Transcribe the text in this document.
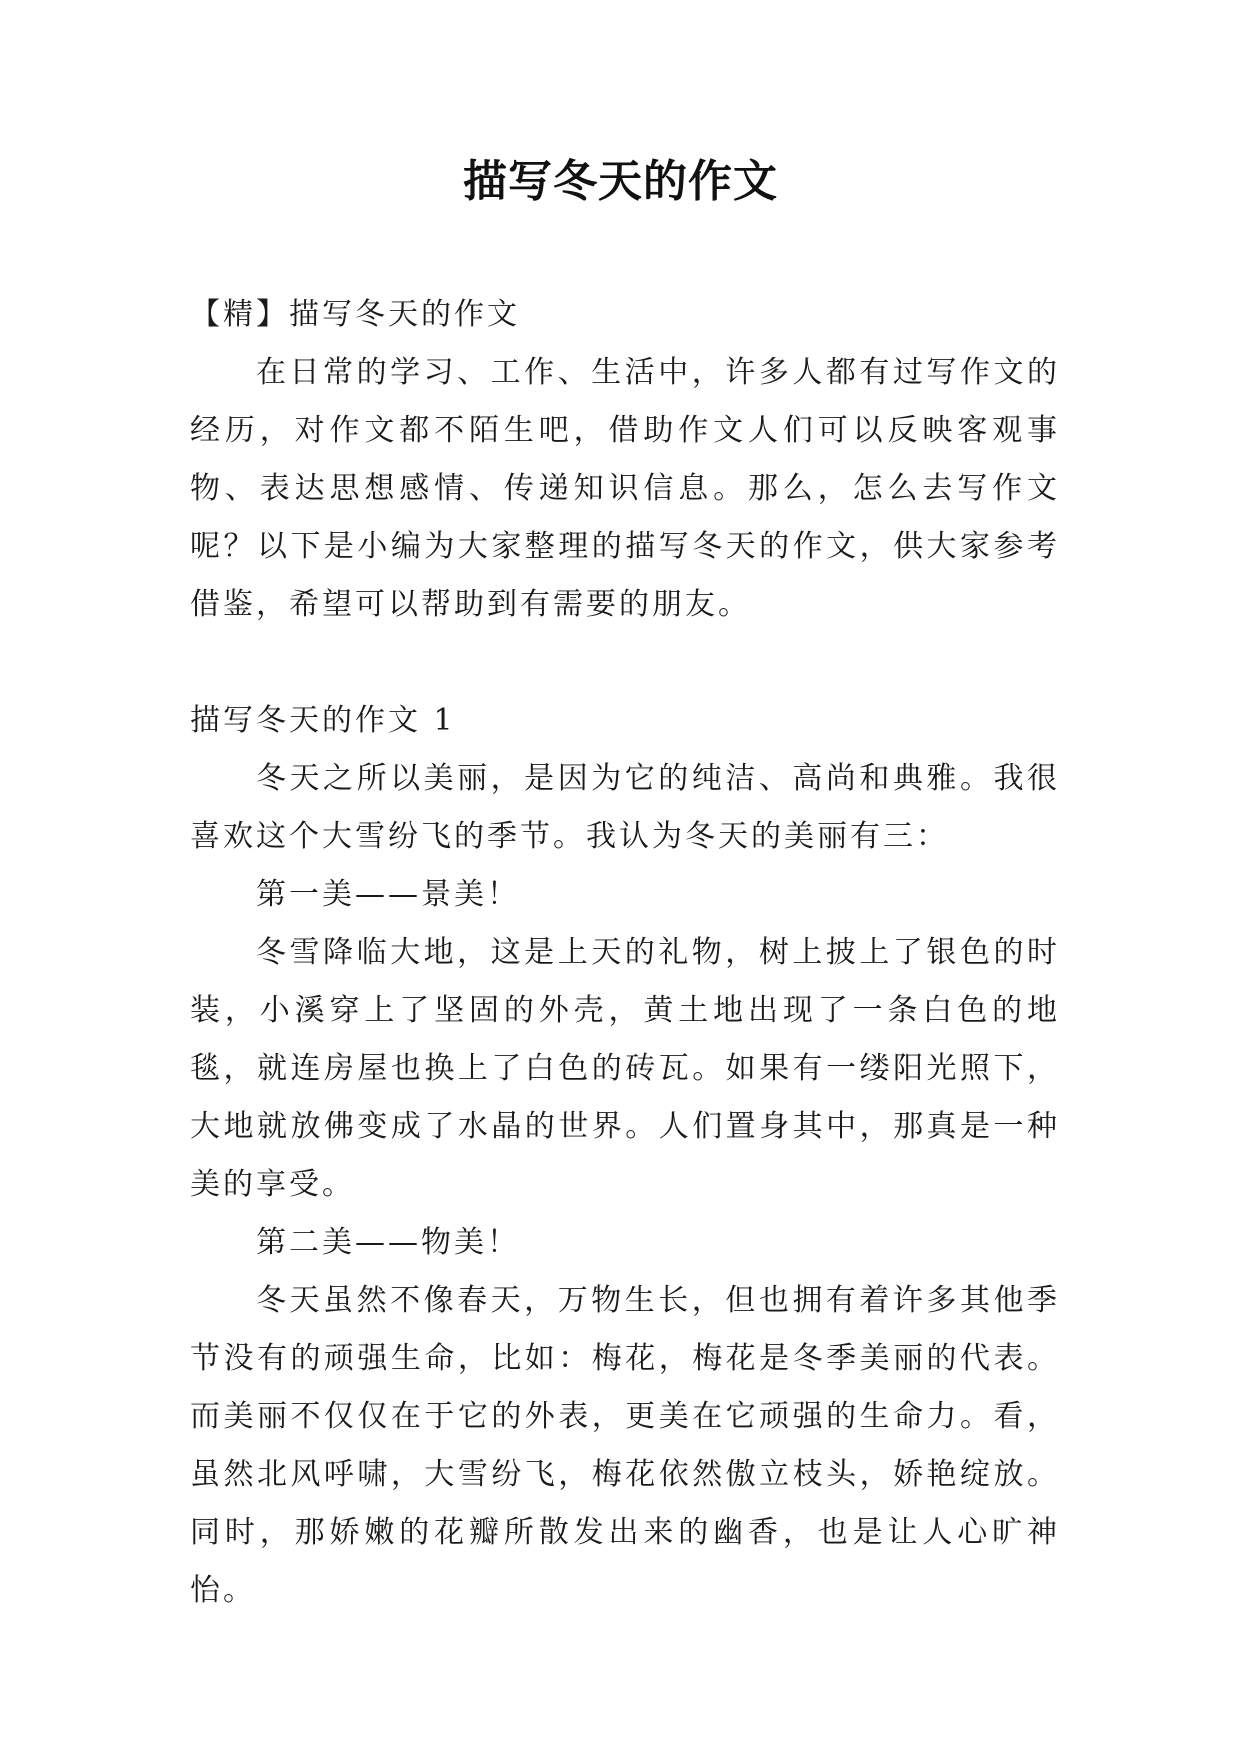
描写冬天的作文

【精】描写冬天的作文

在日常的学习、工作、生活中，许多人都有过写作文的经历，对作文都不陌生吧，借助作文人们可以反映客观事物、表达思想感情、传递知识信息。那么，怎么去写作文呢？以下是小编为大家整理的描写冬天的作文，供大家参考借鉴，希望可以帮助到有需要的朋友。

描写冬天的作文 1

冬天之所以美丽，是因为它的纯洁、高尚和典雅。我很喜欢这个大雪纷飞的季节。我认为冬天的美丽有三：

第一美——景美！

冬雪降临大地，这是上天的礼物，树上披上了银色的时装，小溪穿上了坚固的外壳，黄土地出现了一条白色的地毯，就连房屋也换上了白色的砖瓦。如果有一缕阳光照下，大地就放佛变成了水晶的世界。人们置身其中，那真是一种美的享受。

第二美——物美！

冬天虽然不像春天，万物生长，但也拥有着许多其他季节没有的顽强生命，比如：梅花，梅花是冬季美丽的代表。而美丽不仅仅在于它的外表，更美在它顽强的生命力。看，虽然北风呼啸，大雪纷飞，梅花依然傲立枝头，娇艳绽放。同时，那娇嫩的花瓣所散发出来的幽香，也是让人心旷神怡。
